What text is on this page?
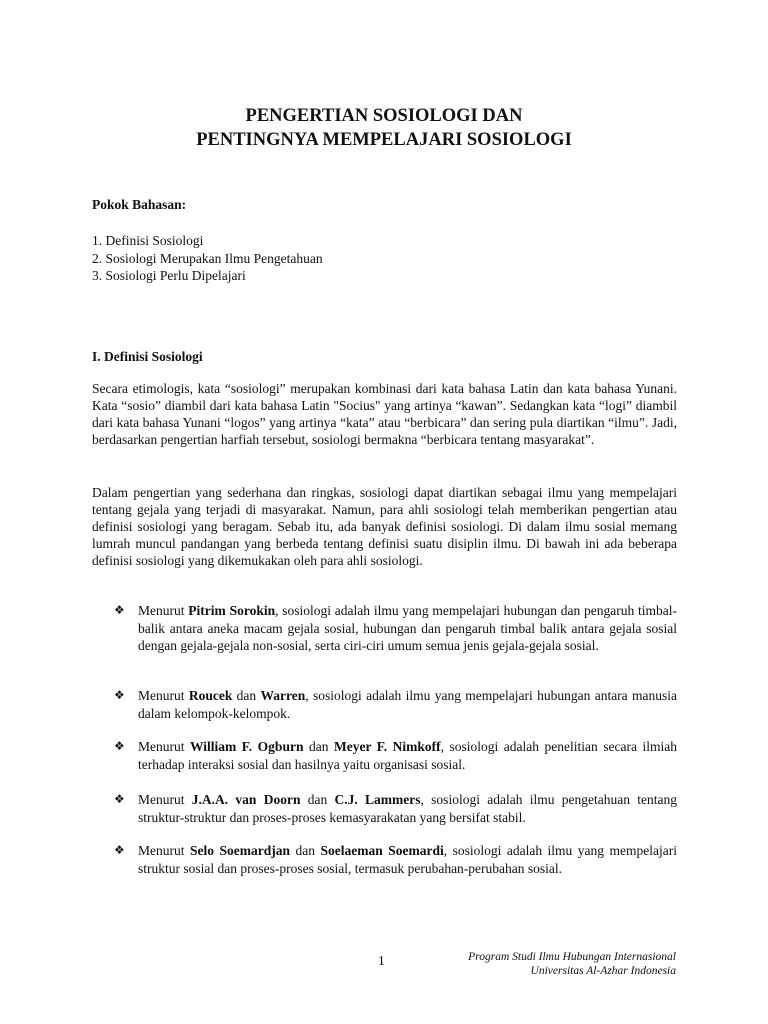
PENGERTIAN SOSIOLOGI DAN
PENTINGNYA MEMPELAJARI SOSIOLOGI
Pokok Bahasan:
1. Definisi Sosiologi
2. Sosiologi Merupakan Ilmu Pengetahuan
3. Sosiologi Perlu Dipelajari
I. Definisi Sosiologi

Secara etimologis, kata “sosiologi” merupakan kombinasi dari kata bahasa Latin dan kata bahasa Yunani. Kata “sosio” diambil dari kata bahasa Latin "Socius" yang artinya “kawan”. Sedangkan kata “logi” diambil dari kata bahasa Yunani “logos” yang artinya “kata” atau “berbicara” dan sering pula diartikan “ilmu”. Jadi, berdasarkan pengertian harfiah tersebut, sosiologi bermakna “berbicara tentang masyarakat”.

Dalam pengertian yang sederhana dan ringkas, sosiologi dapat diartikan sebagai ilmu yang mempelajari tentang gejala yang terjadi di masyarakat. Namun, para ahli sosiologi telah memberikan pengertian atau definisi sosiologi yang beragam. Sebab itu, ada banyak definisi sosiologi. Di dalam ilmu sosial memang lumrah muncul pandangan yang berbeda tentang definisi suatu disiplin ilmu. Di bawah ini ada beberapa definisi sosiologi yang dikemukakan oleh para ahli sosiologi.

❖ Menurut Pitrim Sorokin, sosiologi adalah ilmu yang mempelajari hubungan dan pengaruh timbal-balik antara aneka macam gejala sosial, hubungan dan pengaruh timbal balik antara gejala sosial dengan gejala-gejala non-sosial, serta ciri-ciri umum semua jenis gejala-gejala sosial.
❖ Menurut Roucek dan Warren, sosiologi adalah ilmu yang mempelajari hubungan antara manusia dalam kelompok-kelompok.
❖ Menurut William F. Ogburn dan Meyer F. Nimkoff, sosiologi adalah penelitian secara ilmiah terhadap interaksi sosial dan hasilnya yaitu organisasi sosial.
❖ Menurut J.A.A. van Doorn dan C.J. Lammers, sosiologi adalah ilmu pengetahuan tentang struktur-struktur dan proses-proses kemasyarakatan yang bersifat stabil.
❖ Menurut Selo Soemardjan dan Soelaeman Soemardi, sosiologi adalah ilmu yang mempelajari struktur sosial dan proses-proses sosial, termasuk perubahan-perubahan sosial.
1	Program Studi Ilmu Hubungan Internasional
Universitas Al-Azhar Indonesia
